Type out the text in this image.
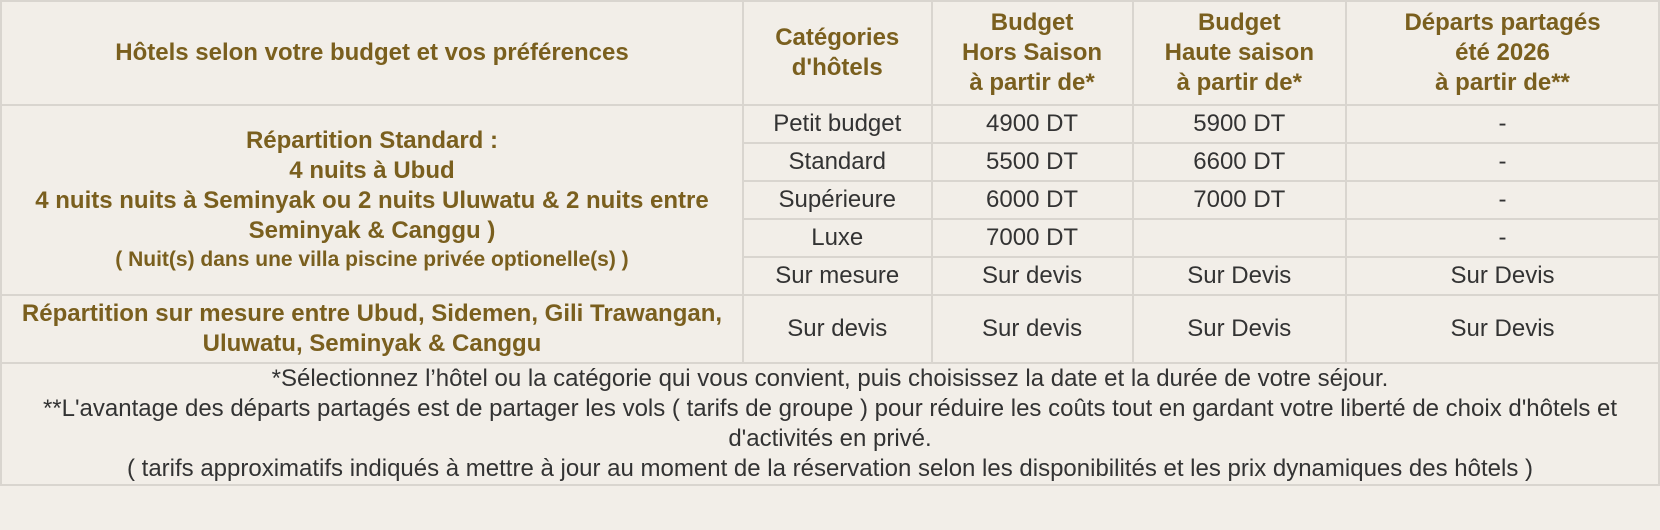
Hôtels selon votre budget et vos préférences	Catégories
d'hôtels	Budget
Hors Saison
à partir de*	Budget
Haute saison
à partir de*	Départs partagés
été 2026
à partir de**

Répartition Standard :
4 nuits à Ubud
4 nuits nuits à Seminyak ou 2 nuits Uluwatu & 2 nuits entre Seminyak & Canggu )
( Nuit(s) dans une villa piscine privée optionelle(s) )	Petit budget	4900 DT	5900 DT	-
	Standard	5500 DT	6600 DT	-
	Supérieure	6000 DT	7000 DT	-
	Luxe	7000 DT		-
	Sur mesure	Sur devis	Sur Devis	Sur Devis

Répartition sur mesure entre Ubud, Sidemen, Gili Trawangan, Uluwatu, Seminyak & Canggu	Sur devis	Sur devis	Sur Devis	Sur Devis

*Sélectionnez l’hôtel ou la catégorie qui vous convient, puis choisissez la date et la durée de votre séjour.
**L'avantage des départs partagés est de partager les vols ( tarifs de groupe ) pour réduire les coûts tout en gardant votre liberté de choix d'hôtels et d'activités en privé.
( tarifs approximatifs indiqués à mettre à jour au moment de la réservation selon les disponibilités et les prix dynamiques des hôtels )				
